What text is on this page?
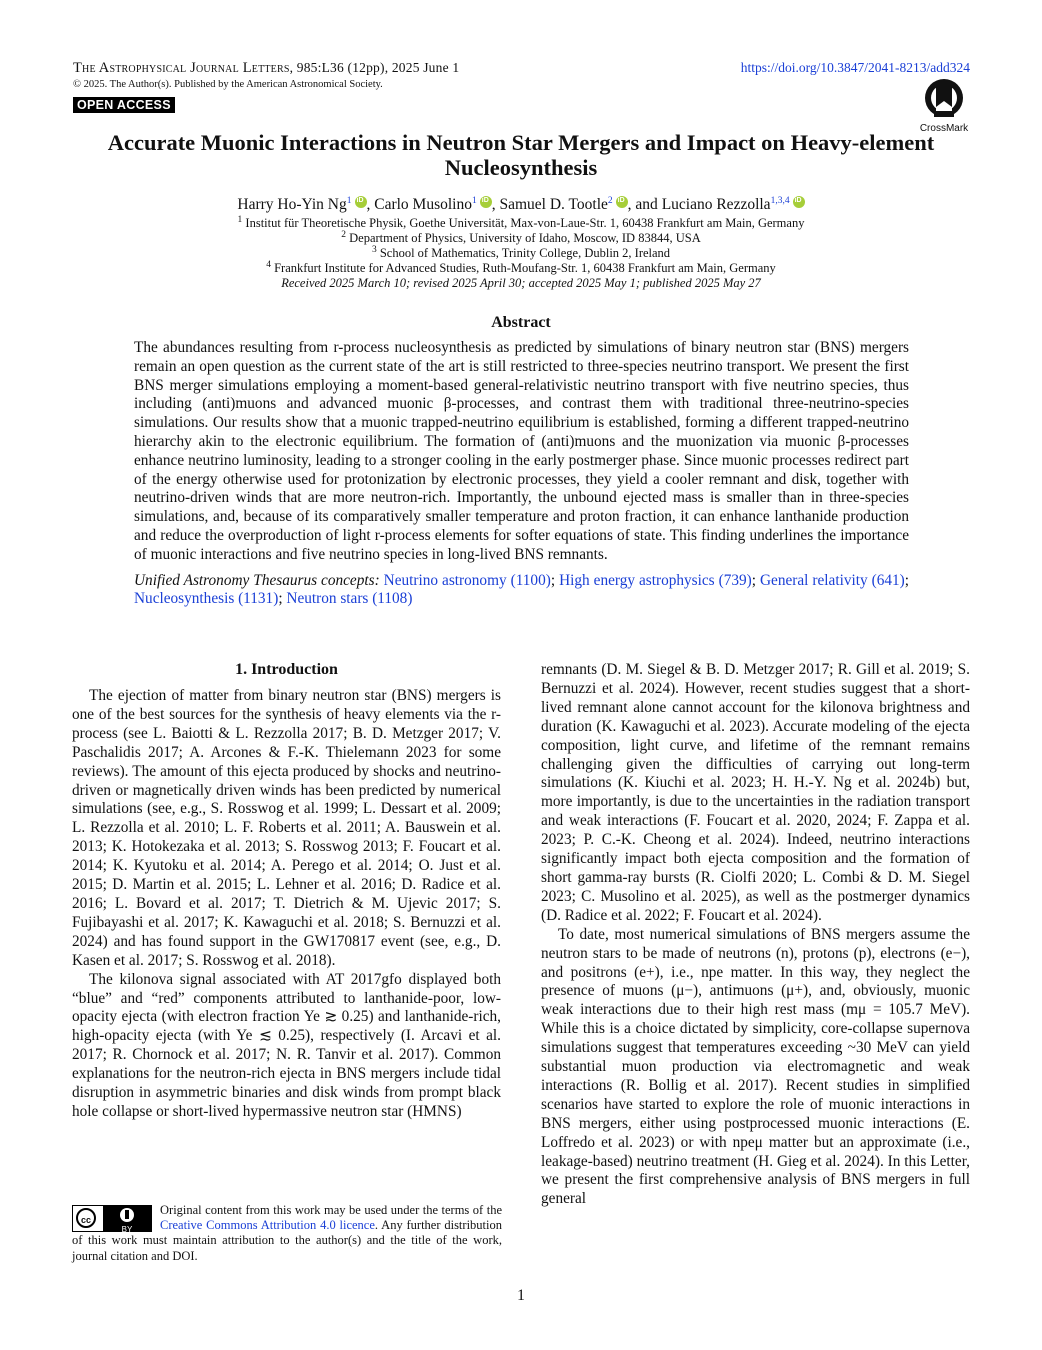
The Astrophysical Journal Letters, 985:L36 (12pp), 2025 June 1
© 2025. The Author(s). Published by the American Astronomical Society.
OPEN ACCESS
https://doi.org/10.3847/2041-8213/add324
CrossMark
Accurate Muonic Interactions in Neutron Star Mergers and Impact on Heavy-element Nucleosynthesis
Harry Ho-Yin Ng$^1$ iD , Carlo Musolino$^1$ iD , Samuel D. Tootle$^2$ iD , and Luciano Rezzolla$^{1,3,4}$iD
$^1$ Institut für Theoretische Physik, Goethe Universität, Max-von-Laue-Str. 1, 60438 Frankfurt am Main, Germany
$^2$ Department of Physics, University of Idaho, Moscow, ID 83844, USA
$^3$ School of Mathematics, Trinity College, Dublin 2, Ireland
$^4$ Frankfurt Institute for Advanced Studies, Ruth-Moufang-Str. 1, 60438 Frankfurt am Main, Germany
Received 2025 March 10; revised 2025 April 30; accepted 2025 May 1; published 2025 May 27
Abstract

The abundances resulting from r-process nucleosynthesis as predicted by simulations of binary neutron star (BNS) mergers remain an open question as the current state of the art is still restricted to three-species neutrino transport. We present the first BNS merger simulations employing a moment-based general-relativistic neutrino transport with five neutrino species, thus including (anti)muons and advanced muonic β-processes, and contrast them with traditional three-neutrino-species simulations. Our results show that a muonic trapped-neutrino equilibrium is established, forming a different trapped-neutrino hierarchy akin to the electronic equilibrium. The formation of (anti)muons and the muonization via muonic β-processes enhance neutrino luminosity, leading to a stronger cooling in the early postmerger phase. Since muonic processes redirect part of the energy otherwise used for protonization by electronic processes, they yield a cooler remnant and disk, together with neutrino-driven winds that are more neutron-rich. Importantly, the unbound ejected mass is smaller than in three-species simulations, and, because of its comparatively smaller temperature and proton fraction, it can enhance lanthanide production and reduce the overproduction of light r-process elements for softer equations of state. This finding underlines the importance of muonic interactions and five neutrino species in long-lived BNS remnants.

Unified Astronomy Thesaurus concepts: Neutrino astronomy (1100); High energy astrophysics (739); General relativity (641); Nucleosynthesis (1131); Neutron stars (1108)

1. Introduction

The ejection of matter from binary neutron star (BNS) mergers is one of the best sources for the synthesis of heavy elements via the r-process (see L. Baiotti & L. Rezzolla 2017; B. D. Metzger 2017; V. Paschalidis 2017; A. Arcones & F.-K. Thielemann 2023 for some reviews). The amount of this ejecta produced by shocks and neutrino-driven or magnetically driven winds has been predicted by numerical simulations (see, e.g., S. Rosswog et al. 1999; L. Dessart et al. 2009; L. Rezzolla et al. 2010; L. F. Roberts et al. 2011; A. Bauswein et al. 2013; K. Hotokezaka et al. 2013; S. Rosswog 2013; F. Foucart et al. 2014; K. Kyutoku et al. 2014; A. Perego et al. 2014; O. Just et al. 2015; D. Martin et al. 2015; L. Lehner et al. 2016; D. Radice et al. 2016; L. Bovard et al. 2017; T. Dietrich & M. Ujevic 2017; S. Fujibayashi et al. 2017; K. Kawaguchi et al. 2018; S. Bernuzzi et al. 2024) and has found support in the GW170817 event (see, e.g., D. Kasen et al. 2017; S. Rosswog et al. 2018).

The kilonova signal associated with AT 2017gfo displayed both “blue” and “red” components attributed to lanthanide-poor, low-opacity ejecta (with electron fraction Ye ≳ 0.25) and lanthanide-rich, high-opacity ejecta (with Ye ≲ 0.25), respectively (I. Arcavi et al. 2017; R. Chornock et al. 2017; N. R. Tanvir et al. 2017). Common explanations for the neutron-rich ejecta in BNS mergers include tidal disruption in asymmetric binaries and disk winds from prompt black hole collapse or short-lived hypermassive neutron star (HMNS)

remnants (D. M. Siegel & B. D. Metzger 2017; R. Gill et al. 2019; S. Bernuzzi et al. 2024). However, recent studies suggest that a short-lived remnant alone cannot account for the kilonova brightness and duration (K. Kawaguchi et al. 2023). Accurate modeling of the ejecta composition, light curve, and lifetime of the remnant remains challenging given the difficulties of carrying out long-term simulations (K. Kiuchi et al. 2023; H. H.-Y. Ng et al. 2024b) but, more importantly, is due to the uncertainties in the radiation transport and weak interactions (F. Foucart et al. 2020, 2024; F. Zappa et al. 2023; P. C.-K. Cheong et al. 2024). Indeed, neutrino interactions significantly impact both ejecta composition and the formation of short gamma-ray bursts (R. Ciolfi 2020; L. Combi & D. M. Siegel 2023; C. Musolino et al. 2025), as well as the postmerger dynamics (D. Radice et al. 2022; F. Foucart et al. 2024).

To date, most numerical simulations of BNS mergers assume the neutron stars to be made of neutrons (n), protons (p), electrons (e−), and positrons (e+), i.e., npe matter. In this way, they neglect the presence of muons (μ−), antimuons (μ+), and, obviously, muonic weak interactions due to their high rest mass (mμ = 105.7 MeV). While this is a choice dictated by simplicity, core-collapse supernova simulations suggest that temperatures exceeding ~30 MeV can yield substantial muon production via electromagnetic and weak interactions (R. Bollig et al. 2017). Recent studies in simplified scenarios have started to explore the role of muonic interactions in BNS mergers, either using postprocessed muonic interactions (E. Loffredo et al. 2023) or with npeμ matter but an approximate (i.e., leakage-based) neutrino treatment (H. Gieg et al. 2024). In this Letter, we present the first comprehensive analysis of BNS mergers in full general

cc
BY
Original content from this work may be used under the terms of the Creative Commons Attribution 4.0 licence. Any further distribution of this work must maintain attribution to the author(s) and the title of the work, journal citation and DOI.
1
